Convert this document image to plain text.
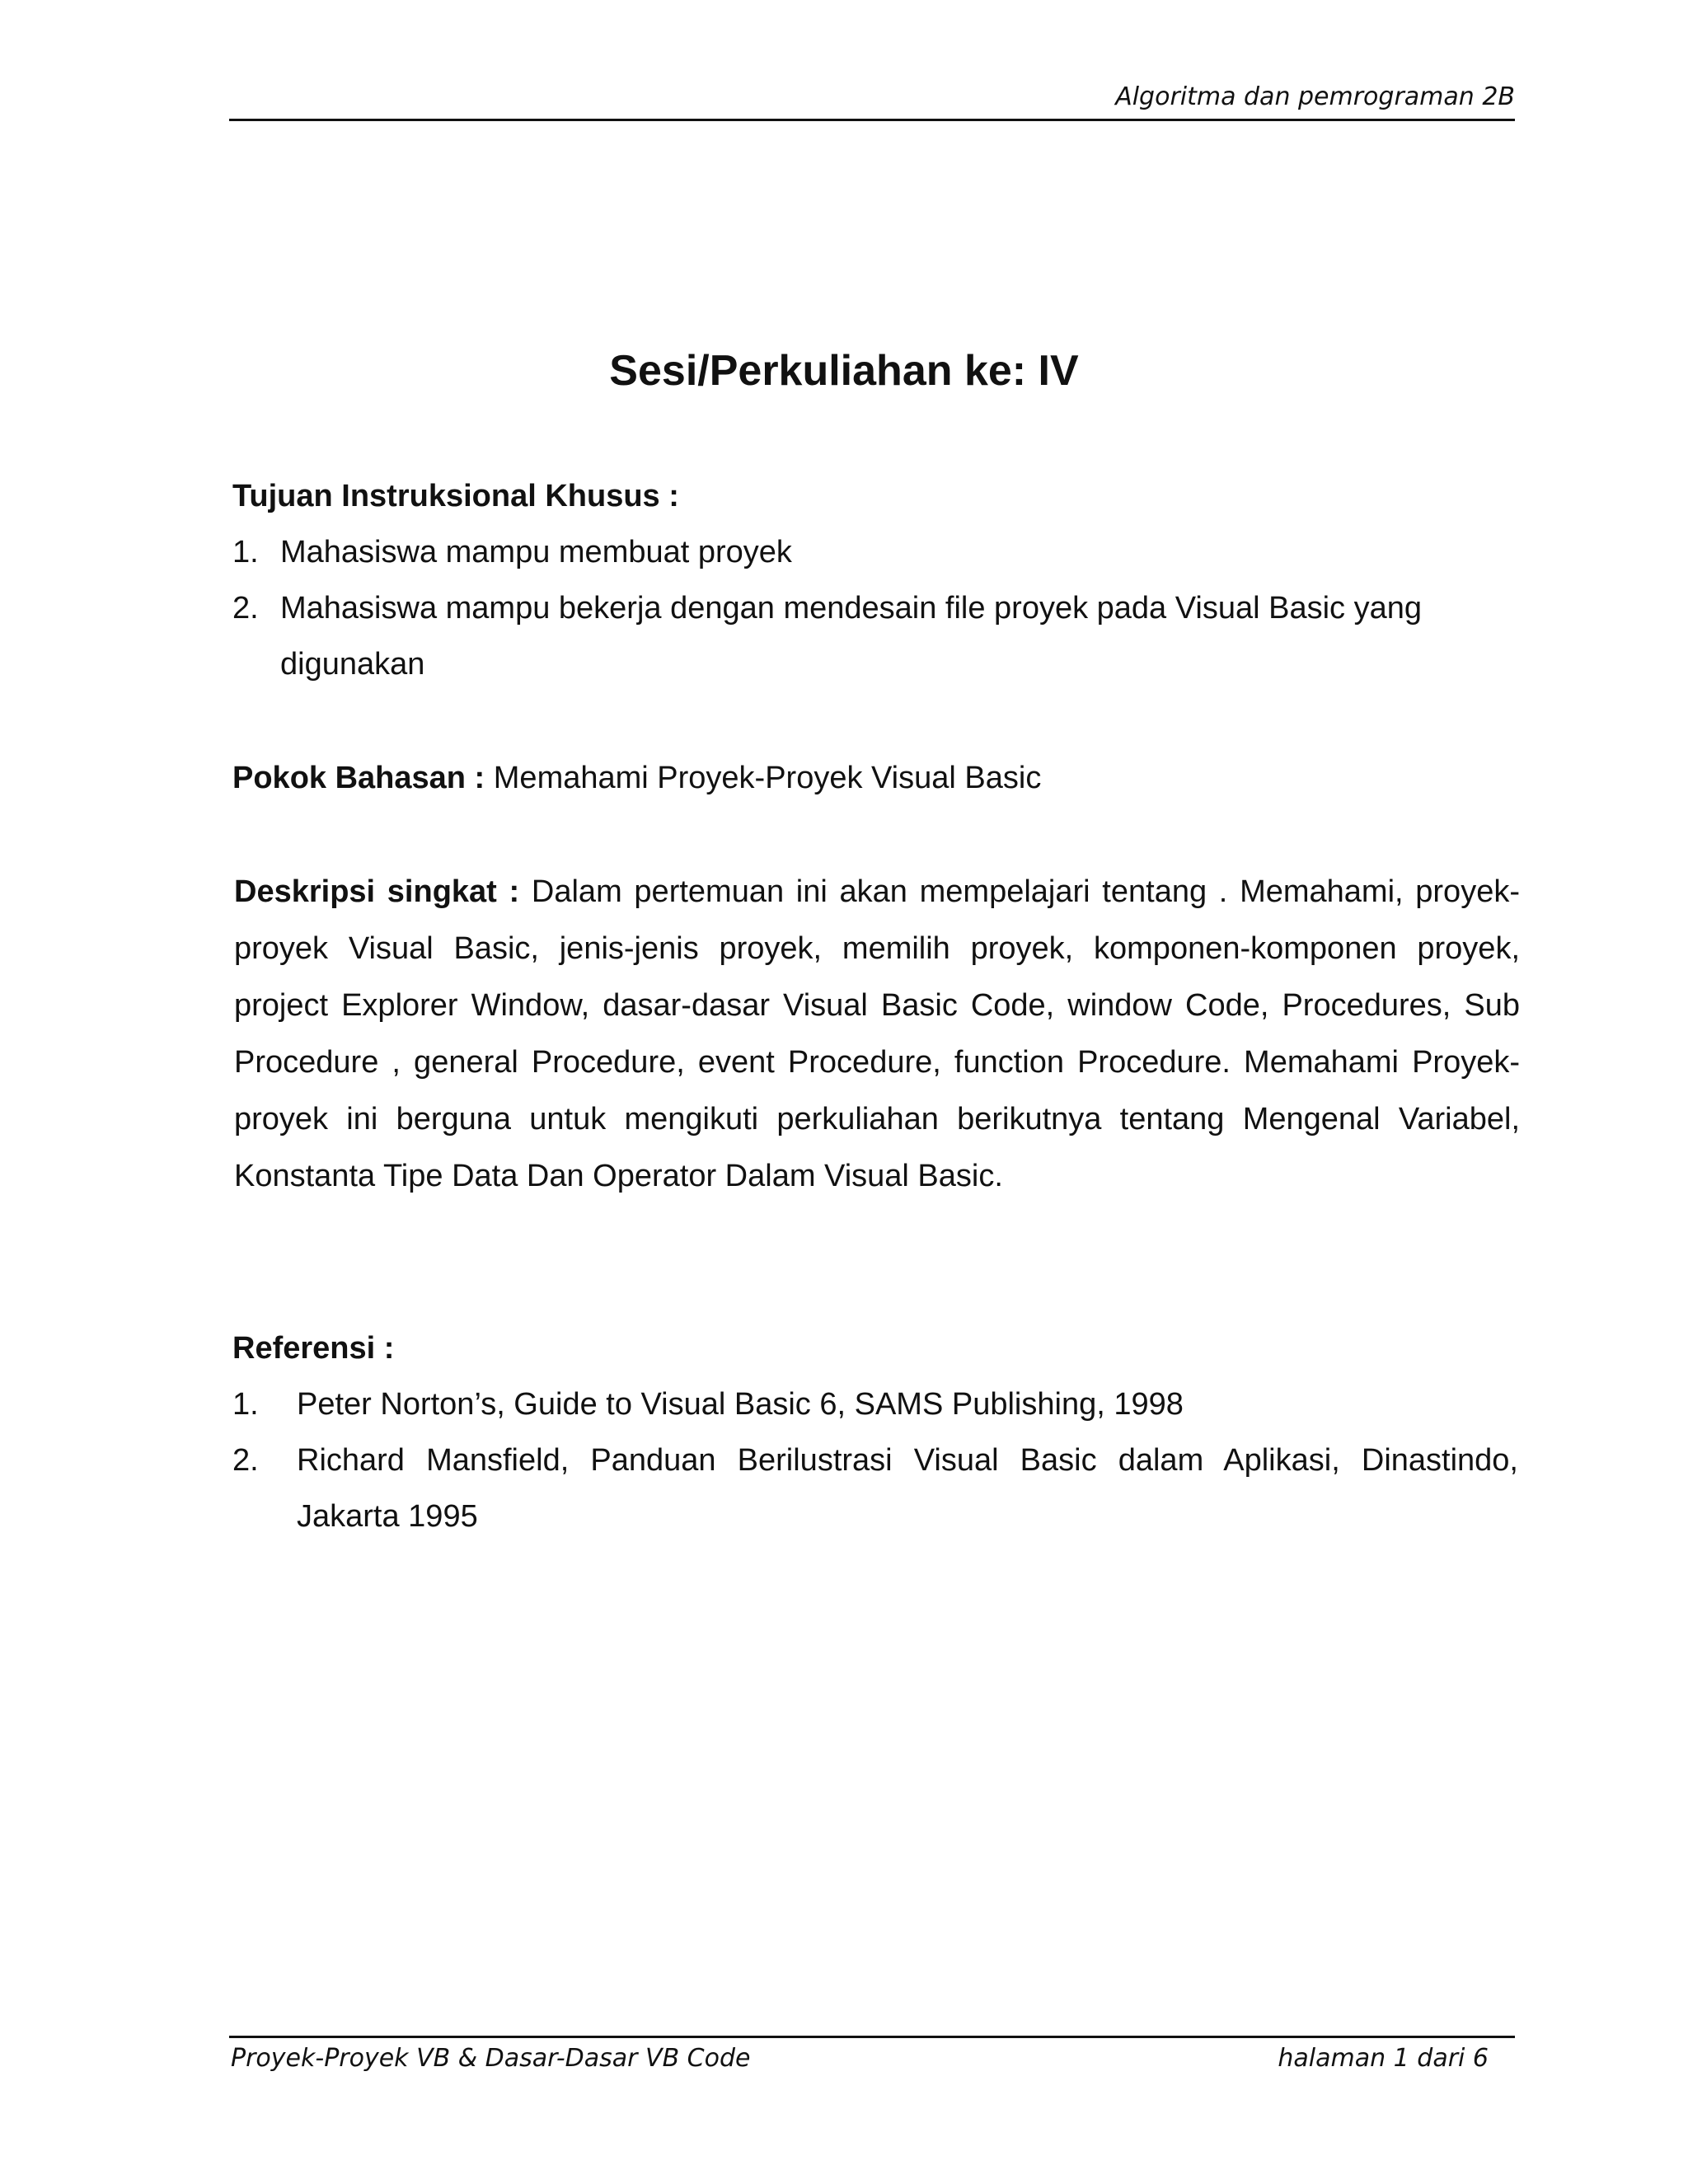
Algoritma dan pemrograman 2B
Sesi/Perkuliahan ke: IV
Tujuan Instruksional Khusus :
1. Mahasiswa mampu membuat proyek
2. Mahasiswa mampu bekerja dengan mendesain file proyek pada Visual Basic yang digunakan
Pokok Bahasan : Memahami Proyek-Proyek Visual Basic
Deskripsi singkat : Dalam pertemuan ini akan mempelajari tentang . Memahami, proyek-proyek Visual Basic, jenis-jenis proyek, memilih proyek, komponen-komponen proyek, project Explorer Window, dasar-dasar Visual Basic Code, window Code, Procedures, Sub Procedure , general Procedure, event Procedure, function Procedure. Memahami Proyek-proyek ini berguna untuk mengikuti perkuliahan berikutnya tentang Mengenal Variabel, Konstanta Tipe Data Dan Operator Dalam Visual Basic.
Referensi :
1.	Peter Norton’s, Guide to Visual Basic 6, SAMS Publishing, 1998
2.	Richard Mansfield, Panduan Berilustrasi Visual Basic dalam Aplikasi, Dinastindo, Jakarta 1995
Proyek-Proyek VB & Dasar-Dasar VB Code	halaman 1 dari 6
